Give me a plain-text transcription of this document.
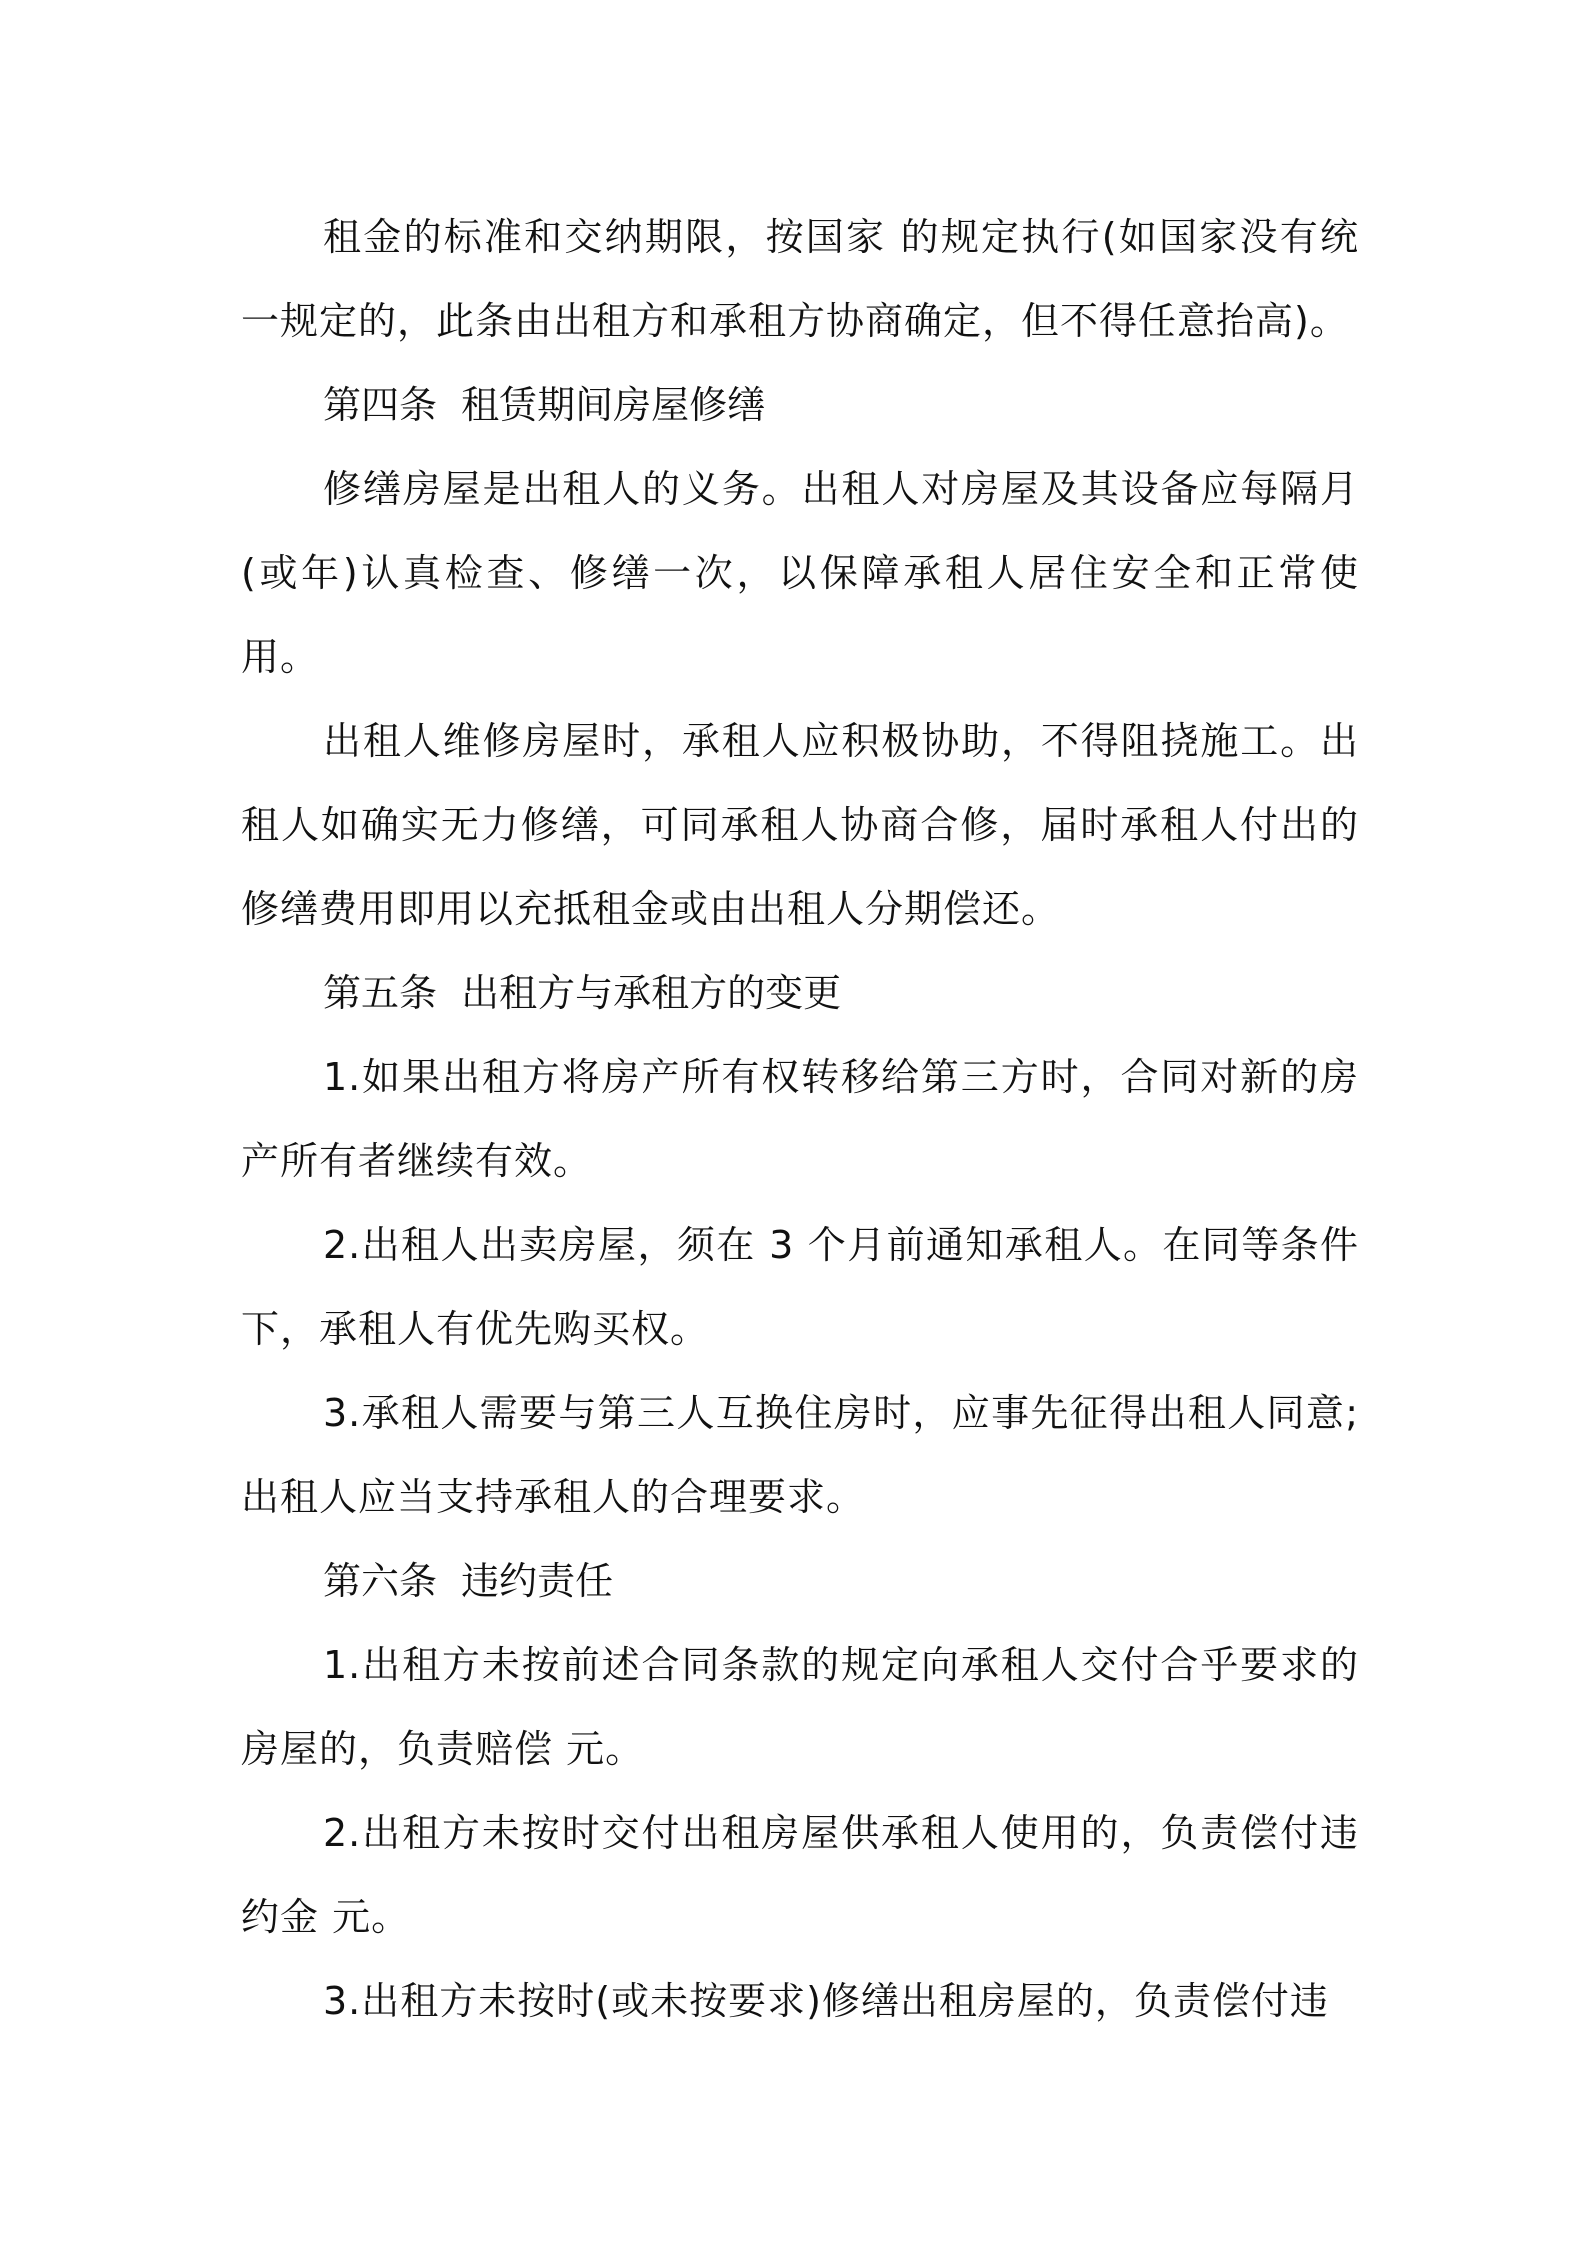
租金的标准和交纳期限，按国家 的规定执行(如国家没有统一规定的，此条由出租方和承租方协商确定，但不得任意抬高)。

第四条  租赁期间房屋修缮

修缮房屋是出租人的义务。出租人对房屋及其设备应每隔月(或年)认真检查、修缮一次，以保障承租人居住安全和正常使用。

出租人维修房屋时，承租人应积极协助，不得阻挠施工。出租人如确实无力修缮，可同承租人协商合修，届时承租人付出的修缮费用即用以充抵租金或由出租人分期偿还。

第五条  出租方与承租方的变更

1.如果出租方将房产所有权转移给第三方时，合同对新的房产所有者继续有效。

2.出租人出卖房屋，须在 3 个月前通知承租人。在同等条件下，承租人有优先购买权。

3.承租人需要与第三人互换住房时，应事先征得出租人同意;出租人应当支持承租人的合理要求。

第六条  违约责任

1.出租方未按前述合同条款的规定向承租人交付合乎要求的房屋的，负责赔偿 元。

2.出租方未按时交付出租房屋供承租人使用的，负责偿付违约金 元。

3.出租方未按时(或未按要求)修缮出租房屋的，负责偿付违
